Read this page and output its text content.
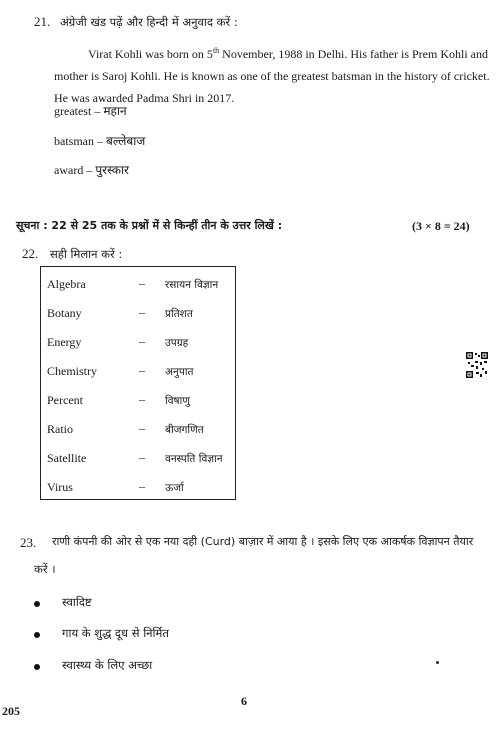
21. अंग्रेजी खंड पढ़ें और हिन्दी में अनुवाद करें :

Virat Kohli was born on 5th November, 1988 in Delhi. His father is Prem Kohli and mother is Saroj Kohli. He is known as one of the greatest batsman in the history of cricket. He was awarded Padma Shri in 2017.

greatest – महान
batsman – बल्लेबाज
award – पुरस्कार
सूचना : 22 से 25 तक के प्रश्नों में से किन्हीं तीन के उत्तर लिखें :	(3 × 8 = 24)
22. सही मिलान करें :
Algebra	– रसायन विज्ञान
Botany	– प्रतिशत
Energy	– उपग्रह
Chemistry	– अनुपात
Percent	– विषाणु
Ratio	– बीजगणित
Satellite	– वनस्पति विज्ञान
Virus	– ऊर्जा
23. राणी कंपनी की ओर से एक नया दही (Curd) बाज़ार में आया है । इसके लिए एक आकर्षक विज्ञापन तैयार
करें ।
स्वादिष्ट
गाय के शुद्ध दूध से निर्मित
स्वास्थ्य के लिए अच्छा
205
6
